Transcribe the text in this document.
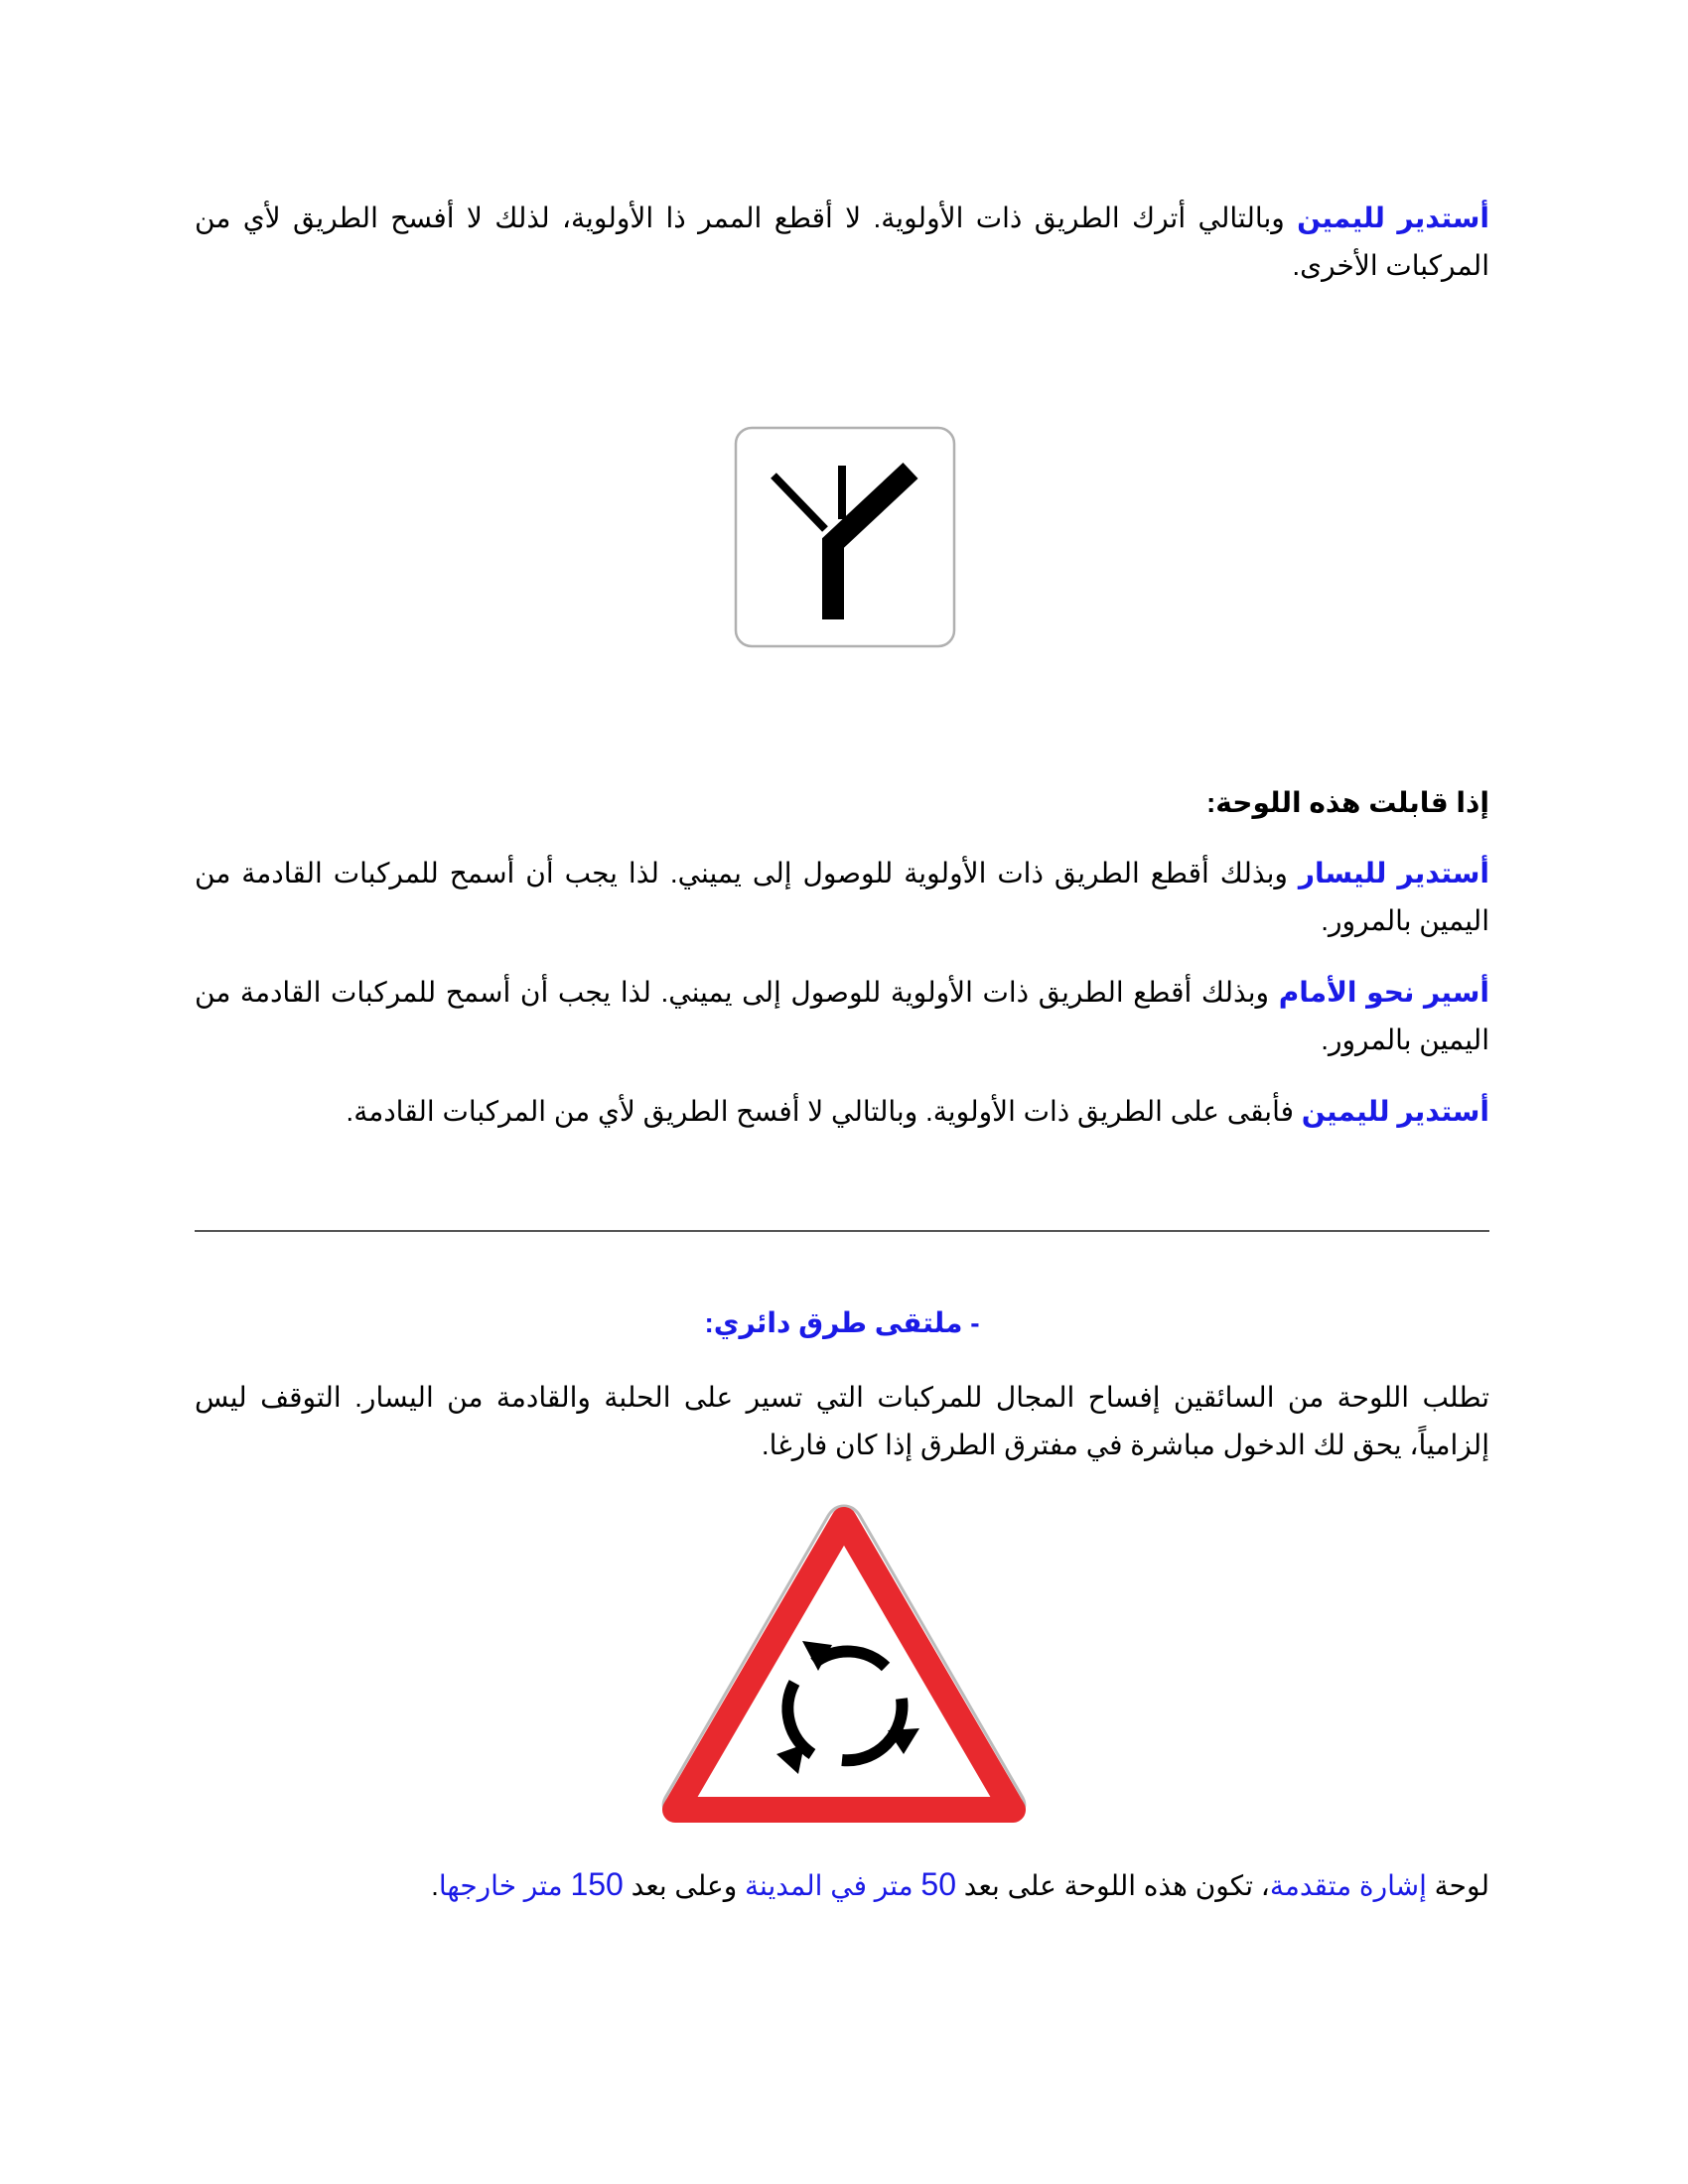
أستدير لليمين وبالتالي أترك الطريق ذات الأولوية. لا أقطع الممر ذا الأولوية، لذلك لا أفسح الطريق لأي من المركبات الأخرى.

إذا قابلت هذه اللوحة:

أستدير لليسار وبذلك أقطع الطريق ذات الأولوية للوصول إلى يميني. لذا يجب أن أسمح للمركبات القادمة من اليمين بالمرور.

أسير نحو الأمام وبذلك أقطع الطريق ذات الأولوية للوصول إلى يميني. لذا يجب أن أسمح للمركبات القادمة من اليمين بالمرور.

أستدير لليمين فأبقى على الطريق ذات الأولوية. وبالتالي لا أفسح الطريق لأي من المركبات القادمة.

- ملتقى طرق دائري:

تطلب اللوحة من السائقين إفساح المجال للمركبات التي تسير على الحلبة والقادمة من اليسار. التوقف ليس إلزامياً، يحق لك الدخول مباشرة في مفترق الطرق إذا كان فارغا.

لوحة إشارة متقدمة، تكون هذه اللوحة على بعد 50 متر في المدينة وعلى بعد 150 متر خارجها.
